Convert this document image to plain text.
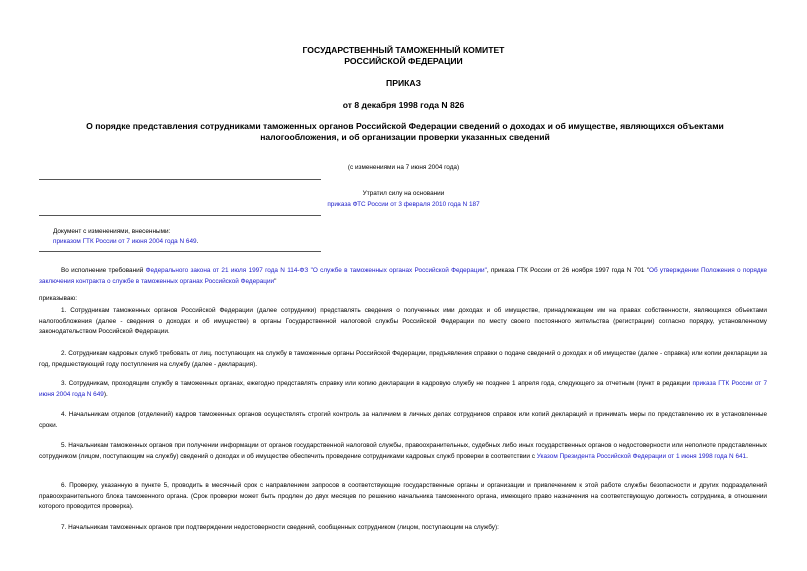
ГОСУДАРСТВЕННЫЙ ТАМОЖЕННЫЙ КОМИТЕТ
РОССИЙСКОЙ ФЕДЕРАЦИИ
ПРИКАЗ
от 8 декабря 1998 года N 826
О порядке представления сотрудниками таможенных органов Российской Федерации сведений о доходах и об имуществе, являющихся объектами
налогообложения, и об организации проверки указанных сведений
(с изменениями на 7 июня 2004 года)
Утратил силу на основании
приказа ФТС России от 3 февраля 2010 года N 187
Документ с изменениями, внесенными:
приказом ГТК России от 7 июня 2004 года N 649.
Во исполнение требований Федерального закона от 21 июля 1997 года N 114-ФЗ "О службе в таможенных органах Российской Федерации", приказа ГТК России от 26 ноября 1997 года N 701 "Об утверждении Положения о порядке заключения контракта о службе в таможенных органах Российской Федерации"
приказываю:
1. Сотрудникам таможенных органов Российской Федерации (далее сотрудники) представлять сведения о полученных ими доходах и об имуществе, принадлежащем им на правах собственности, являющихся объектами налогообложения (далее - сведения о доходах и об имуществе) в органы Государственной налоговой службы Российской Федерации по месту своего постоянного жительства (регистрации) согласно порядку, установленному законодательством Российской Федерации.
2. Сотрудникам кадровых служб требовать от лиц, поступающих на службу в таможенные органы Российской Федерации, предъявления справки о подаче сведений о доходах и об имуществе (далее - справка) или копии декларации за год, предшествующий году поступления на службу (далее - декларация).
3. Сотрудникам, проходящим службу в таможенных органах, ежегодно представлять справку или копию декларации в кадровую службу не позднее 1 апреля года, следующего за отчетным (пункт в редакции приказа ГТК России от 7 июня 2004 года N 649).
4. Начальникам отделов (отделений) кадров таможенных органов осуществлять строгий контроль за наличием в личных делах сотрудников справок или копий деклараций и принимать меры по представлению их в установленные сроки.
5. Начальникам таможенных органов при получении информации от органов государственной налоговой службы, правоохранительных, судебных либо иных государственных органов о недостоверности или неполноте представленных сотрудником (лицом, поступающим на службу) сведений о доходах и об имуществе обеспечить проведение сотрудниками кадровых служб проверки в соответствии с Указом Президента Российской Федерации от 1 июня 1998 года N 641.
6. Проверку, указанную в пункте 5, проводить в месячный срок с направлением запросов в соответствующие государственные органы и организации и привлечением к этой работе службы безопасности и других подразделений правоохранительного блока таможенного органа. (Срок проверки может быть продлен до двух месяцев по решению начальника таможенного органа, имеющего право назначения на соответствующую должность сотрудника, в отношении которого проводится проверка).
7. Начальникам таможенных органов при подтверждении недостоверности сведений, сообщенных сотрудником (лицом, поступающим на службу):
